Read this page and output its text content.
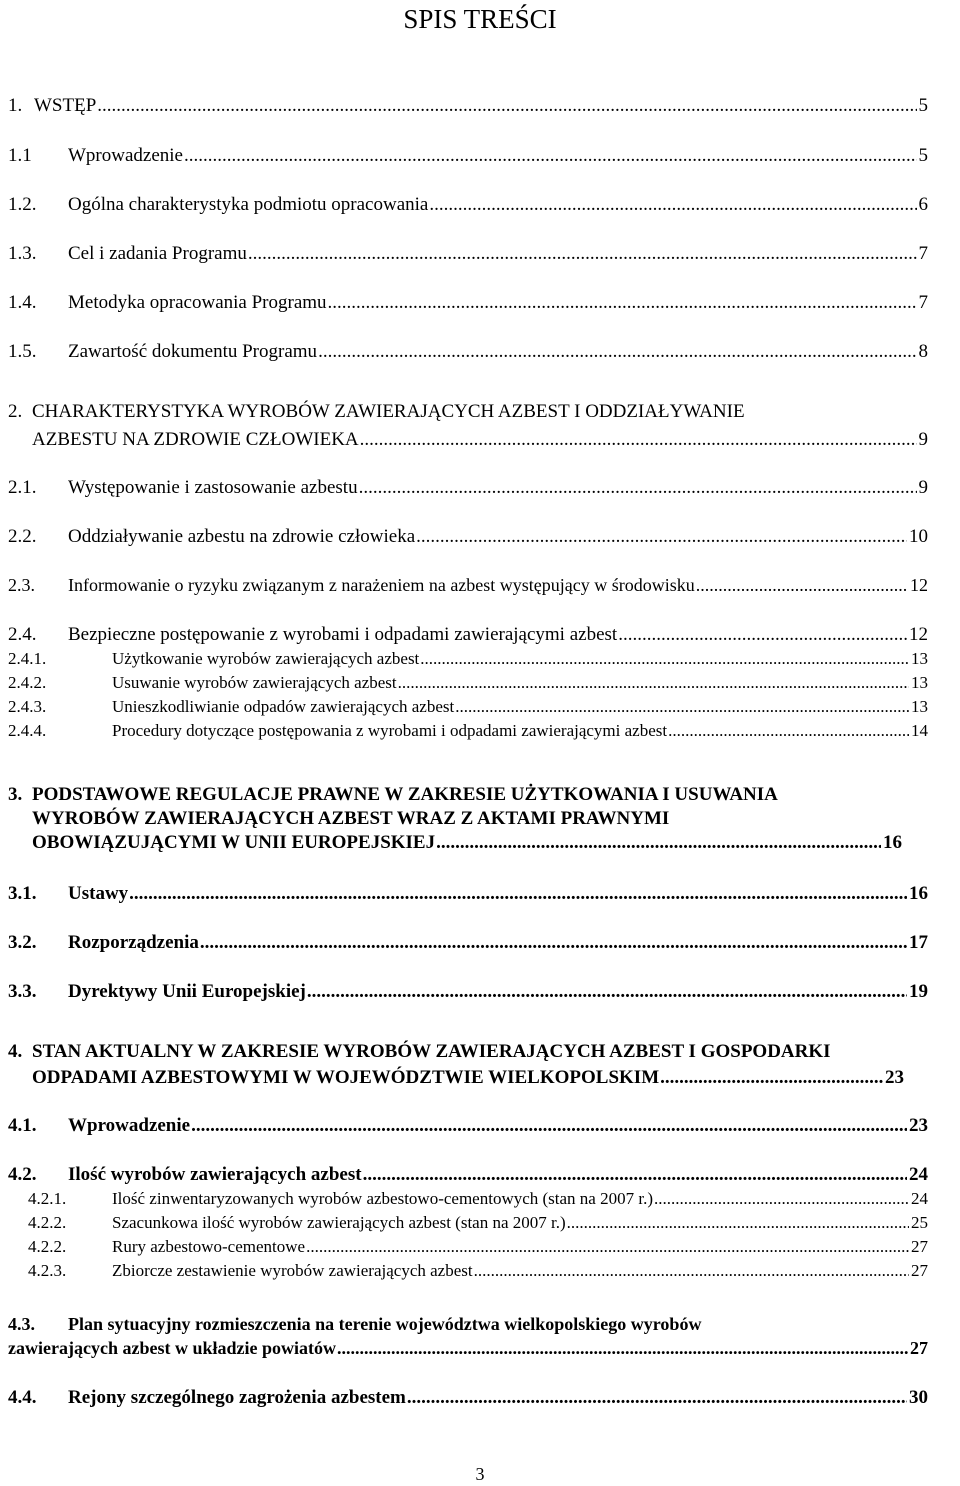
SPIS TREŚCI
1. WSTĘP .....	5
1.1	Wprowadzenie .....	5
1.2.	Ogólna charakterystyka podmiotu opracowania .....	6
1.3.	Cel i zadania Programu .....	7
1.4.	Metodyka opracowania Programu .....	7
1.5.	Zawartość dokumentu Programu .....	8
2. CHARAKTERYSTYKA WYROBÓW ZAWIERAJĄCYCH AZBEST I ODDZIAŁYWANIE
AZBESTU NA ZDROWIE CZŁOWIEKA .....	9
2.1.	Występowanie i zastosowanie azbestu .....	9
2.2.	Oddziaływanie azbestu na zdrowie człowieka .....	10
2.3.	Informowanie o ryzyku związanym z narażeniem na azbest występujący w środowisku .....	12
2.4.	Bezpieczne postępowanie z wyrobami i odpadami zawierającymi azbest .....	12
2.4.1.	Użytkowanie wyrobów zawierających azbest .....	13
2.4.2.	Usuwanie wyrobów zawierających azbest .....	13
2.4.3.	Unieszkodliwianie odpadów zawierających azbest .....	13
2.4.4.	Procedury dotyczące postępowania z wyrobami i odpadami zawierającymi azbest .....	14
3. PODSTAWOWE REGULACJE PRAWNE W ZAKRESIE UŻYTKOWANIA I USUWANIA
WYROBÓW ZAWIERAJĄCYCH AZBEST WRAZ Z AKTAMI PRAWNYMI
OBOWIĄZUJĄCYMI W UNII EUROPEJSKIEJ .....	16
3.1.	Ustawy .....	16
3.2.	Rozporządzenia .....	17
3.3.	Dyrektywy Unii Europejskiej .....	19
4. STAN AKTUALNY W ZAKRESIE WYROBÓW ZAWIERAJĄCYCH AZBEST I GOSPODARKI
ODPADAMI AZBESTOWYMI W WOJEWÓDZTWIE WIELKOPOLSKIM .....	23
4.1.	Wprowadzenie .....	23
4.2.	Ilość wyrobów zawierających azbest .....	24
4.2.1.	Ilość zinwentaryzowanych wyrobów azbestowo-cementowych (stan na 2007 r.) .....	24
4.2.2.	Szacunkowa ilość wyrobów zawierających azbest (stan na 2007 r.) .....	25
4.2.2.	Rury azbestowo-cementowe .....	27
4.2.3.	Zbiorcze zestawienie wyrobów zawierających azbest .....	27
4.3. Plan sytuacyjny rozmieszczenia na terenie województwa wielkopolskiego wyrobów
zawierających azbest w układzie powiatów .....	27
4.4.	Rejony szczególnego zagrożenia azbestem .....	30
3
